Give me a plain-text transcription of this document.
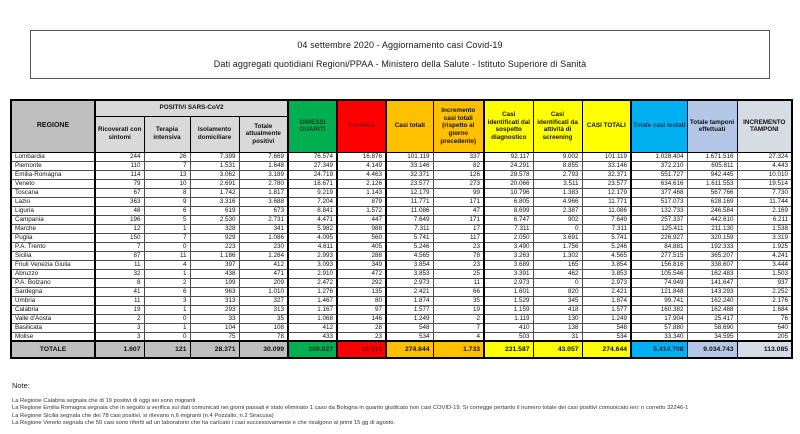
04 settembre 2020 - Aggiornamento casi Covid-19
Dati aggregati quotidiani Regioni/PPAA - Ministero della Salute - Istituto Superiore di Sanità
REGIONE	POSITIVI SARS-CoV2				DIMESSI GUARITI	Deceduti	Casi totali	Incremento casi totali (rispetto al giorno precedente)	Casi identificati dal sospetto diagnostico	Casi identificati da attività di screening	CASI TOTALI	Totale casi testati	Totale tamponi effettuati	INCREMENTO TAMPONI
	Ricoverati con sintomi	Terapia intensiva	Isolamento domiciliare	Totale attualmente positivi										
Lombardia	244	26	7.399	7.669	76.574	16.876	101.119	337	92.117	9.002	101.119	1.028.404	1.671.516	27.324
Piemonte	110	7	1.531	1.648	27.349	4.149	33.146	82	24.291	8.855	33.146	372.210	605.811	4.443
Emilia-Romagna	114	13	3.062	3.189	24.719	4.463	32.371	126	29.578	2.793	32.371	551.727	942.445	10.010
Veneto	79	10	2.691	2.780	18.671	2.126	23.577	273	20.066	3.511	23.577	634.616	1.611.553	19.514
Toscana	67	8	1.742	1.817	9.219	1.143	12.179	99	10.796	1.383	12.179	377.468	567.766	7.730
Lazio	363	9	3.316	3.688	7.204	879	11.771	171	6.805	4.966	11.771	517.073	628.169	11.744
Liguria	48	6	619	673	8.841	1.572	11.086	47	8.699	2.387	11.086	132.733	246.584	2.169
Campania	196	5	2.530	2.731	4.471	447	7.649	171	6.747	902	7.649	257.337	442.610	6.211
Marche	12	1	328	341	5.982	988	7.311	17	7.311	0	7.311	125.411	211.130	1.538
Puglia	150	7	929	1.086	4.095	560	5.741	117	2.050	3.691	5.741	226.927	320.159	3.319
P.A. Trento	7	0	223	230	4.611	405	5.246	23	3.490	1.756	5.246	84.881	192.333	1.925
Sicilia	87	11	1.186	1.284	2.993	288	4.565	78	3.263	1.302	4.565	277.515	365.207	4.241
Friuli Venezia Giulia	11	4	397	412	3.093	349	3.854	23	3.689	165	3.854	156.816	338.607	3.444
Abruzzo	32	1	438	471	2.910	472	3.853	25	3.391	462	3.853	105.546	162.483	1.503
P.A. Bolzano	8	2	199	209	2.472	292	2.973	11	2.973	0	2.973	74.949	141.647	937
Sardegna	41	6	963	1.010	1.276	135	2.421	66	1.601	820	2.421	121.848	143.293	2.252
Umbria	11	3	313	327	1.467	80	1.874	35	1.529	345	1.874	99.741	162.240	2.176
Calabria	19	1	293	313	1.167	97	1.577	19	1.159	418	1.577	160.382	162.488	1.684
Valle d'Aosta	2	0	33	35	1.068	146	1.249	2	1.119	130	1.249	17.904	25.417	76
Basilicata	3	1	104	108	412	28	548	7	410	138	548	57.880	58.690	640
Molise	3	0	75	78	433	23	534	4	503	31	534	33.340	34.595	205
TOTALE	1.607	121	28.371	30.099	209.027	35.518	274.644	1.733	231.587	43.057	274.644	5.414.708	9.034.743	113.085
Note:
La Regione Calabria segnala che di 19 positivi di oggi sei sono migranti
La Regione Emilia Romagna segnala che in seguito a verifica sui dati comunicati nei giorni passati è stato eliminato 1 caso da Bologna in quanto giudicato non casi COVID-19. Si corregge pertanto il numero totale dei casi positivi comunicato ieri: n corretto 32246-1
La Regione Sicilia segnala che dei 78 casi positivi, si rilevano n.6 migranti (n.4 Pozzallo, n.2 Siracusa)
La Regione Veneto segnala che 50 casi sono riferiti ad un laboratorio che ha caricato i casi successivamente e che risalgono ai primi 15 gg di agosto.
